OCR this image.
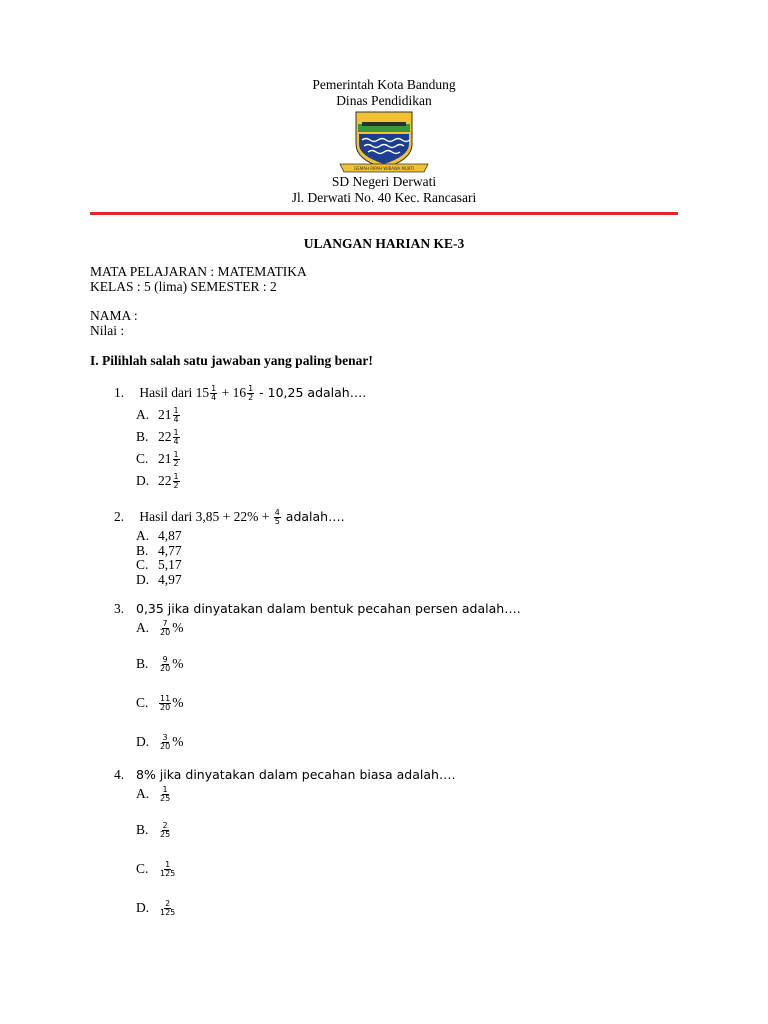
Pemerintah Kota Bandung
Dinas Pendidikan
GEMAH RIPAH WIBAWA MUKTI
SD Negeri Derwati
Jl. Derwati No. 40 Kec. Rancasari
ULANGAN HARIAN KE-3
MATA PELAJARAN : MATEMATIKA
KELAS : 5 (lima) SEMESTER : 2
NAMA :
Nilai :
I. Pilihlah salah satu jawaban yang paling benar!
1. Hasil dari $15 \frac{1}{4} + 16 \frac{1}{2} - 10,25$ adalah….
A. $21 \frac{1}{4}$
B. $22 \frac{1}{4}$
C. $21 \frac{1}{2}$
D. $22 \frac{1}{2}$
2. Hasil dari $3,85 + 22\% + \frac{4}{5}$ adalah….
A. 4,87
B. 4,77
C. 5,17
D. 4,97
3. 0,35 jika dinyatakan dalam bentuk pecahan persen adalah….
A. $\frac{7}{20}$ %
B. $\frac{9}{20}$ %
C. $\frac{11}{20}$ %
D. $\frac{3}{20}$ %
4. 8% jika dinyatakan dalam pecahan biasa adalah….
A. $\frac{1}{25}$
B. $\frac{2}{25}$
C. $\frac{1}{125}$
D. $\frac{2}{125}$
